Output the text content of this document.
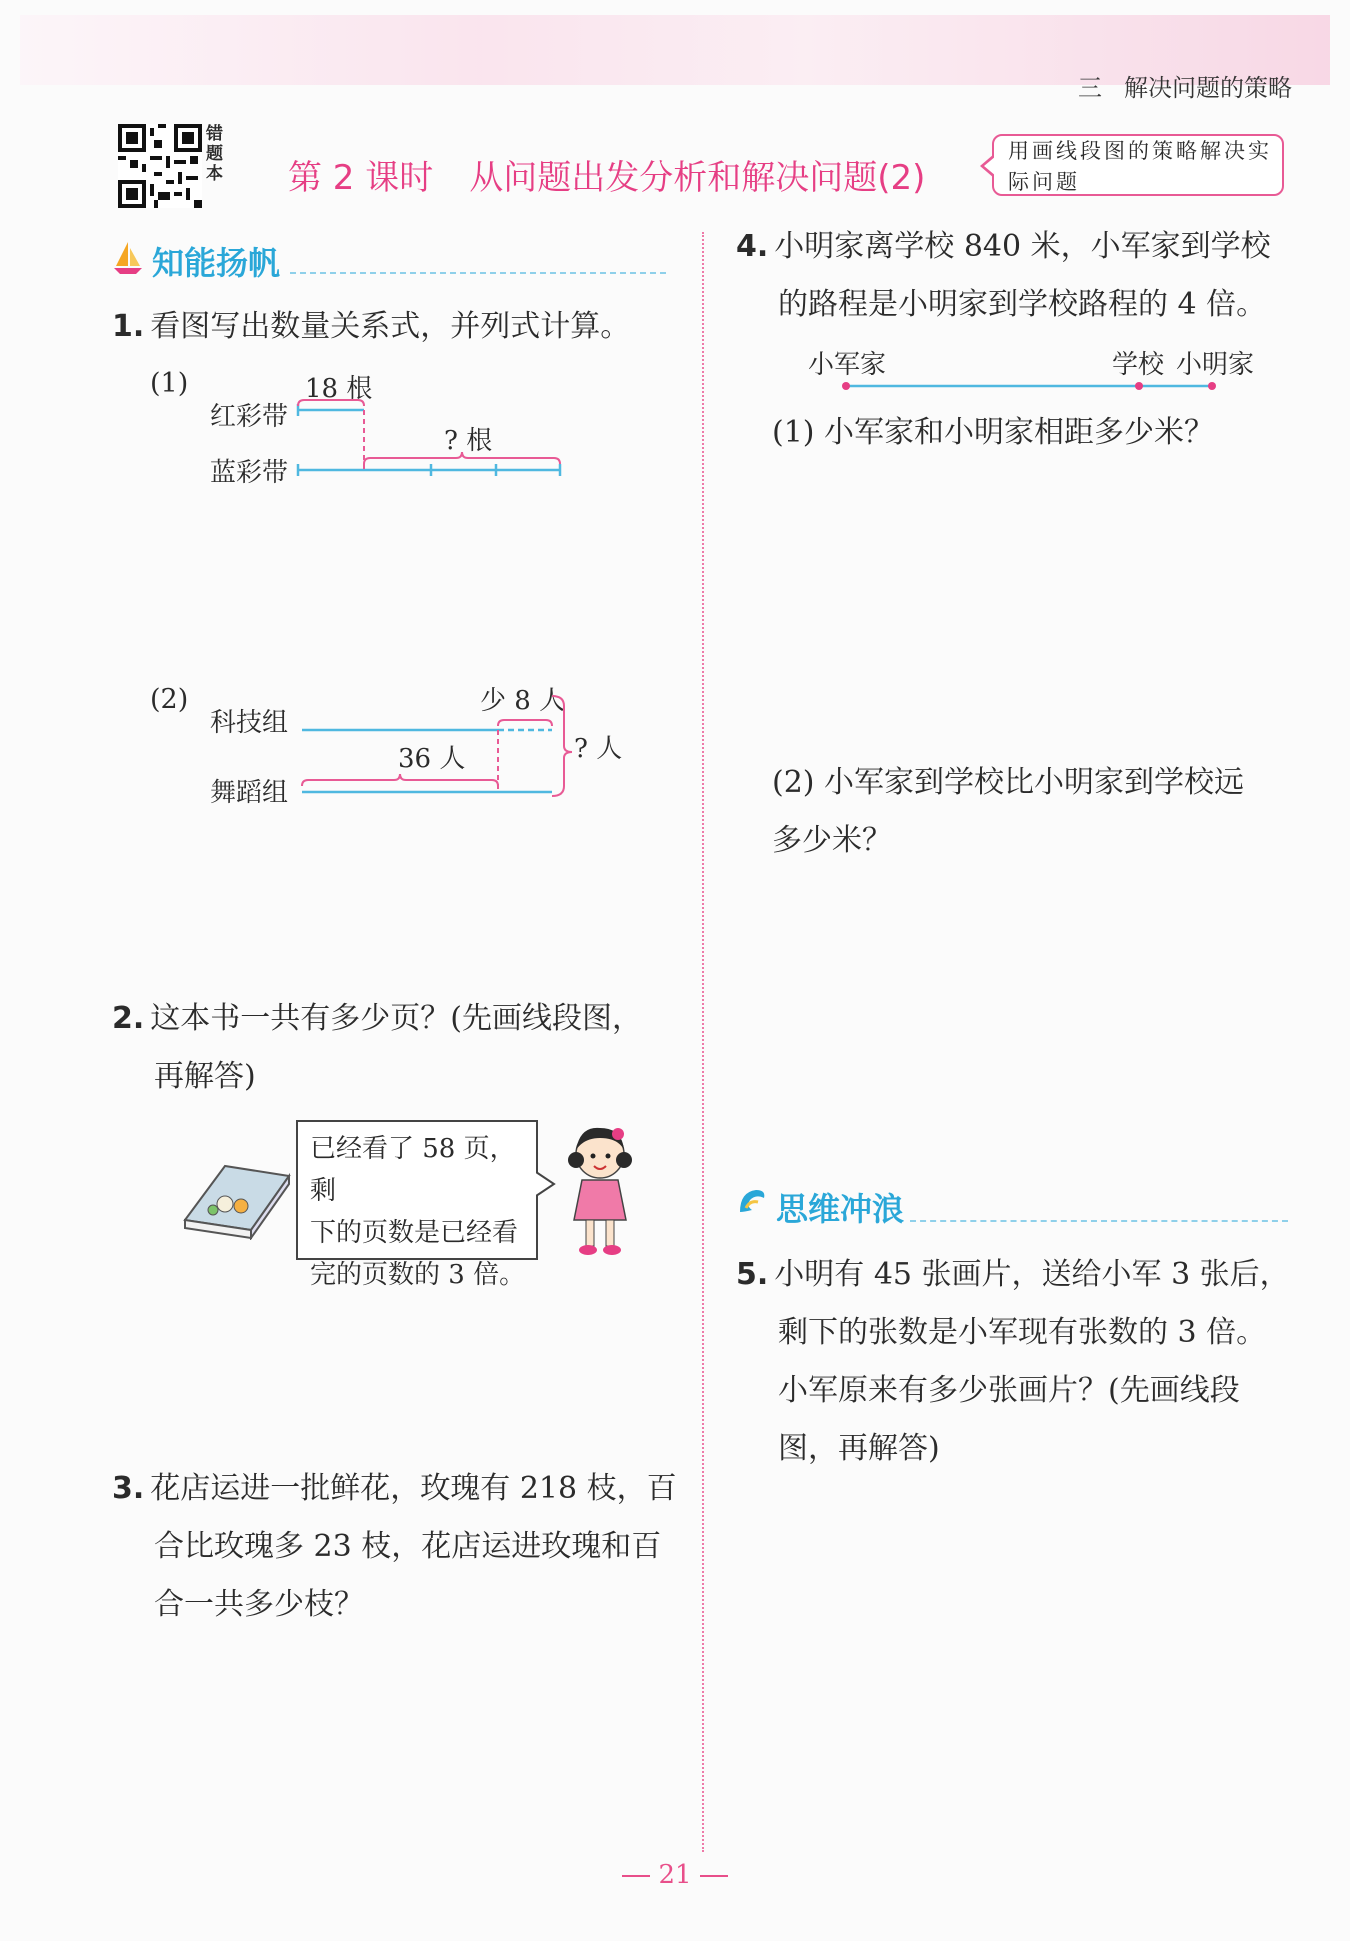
三 解决问题的策略
错题本 第 2 课时 从问题出发分析和解决问题(2)
用画线段图的策略解决实际问题
知能扬帆
1. 看图写出数量关系式，并列式计算。
(1)
红彩带
蓝彩带
18 根
? 根
(2)
科技组
舞蹈组
少 8 人
36 人	? 人
2. 这本书一共有多少页？(先画线段图，
再解答)
已经看了 58 页，剩
下的页数是已经看
完的页数的 3 倍。
3. 花店运进一批鲜花，玫瑰有 218 枝，百
合比玫瑰多 23 枝，花店运进玫瑰和百
合一共多少枝？
4. 小明家离学校 840 米，小军家到学校
的路程是小明家到学校路程的 4 倍。
小军家	学校 小明家
(1) 小军家和小明家相距多少米？
(2) 小军家到学校比小明家到学校远
多少米？
思维冲浪
5. 小明有 45 张画片，送给小军 3 张后，
剩下的张数是小军现有张数的 3 倍。
小军原来有多少张画片？(先画线段
图，再解答)
21
